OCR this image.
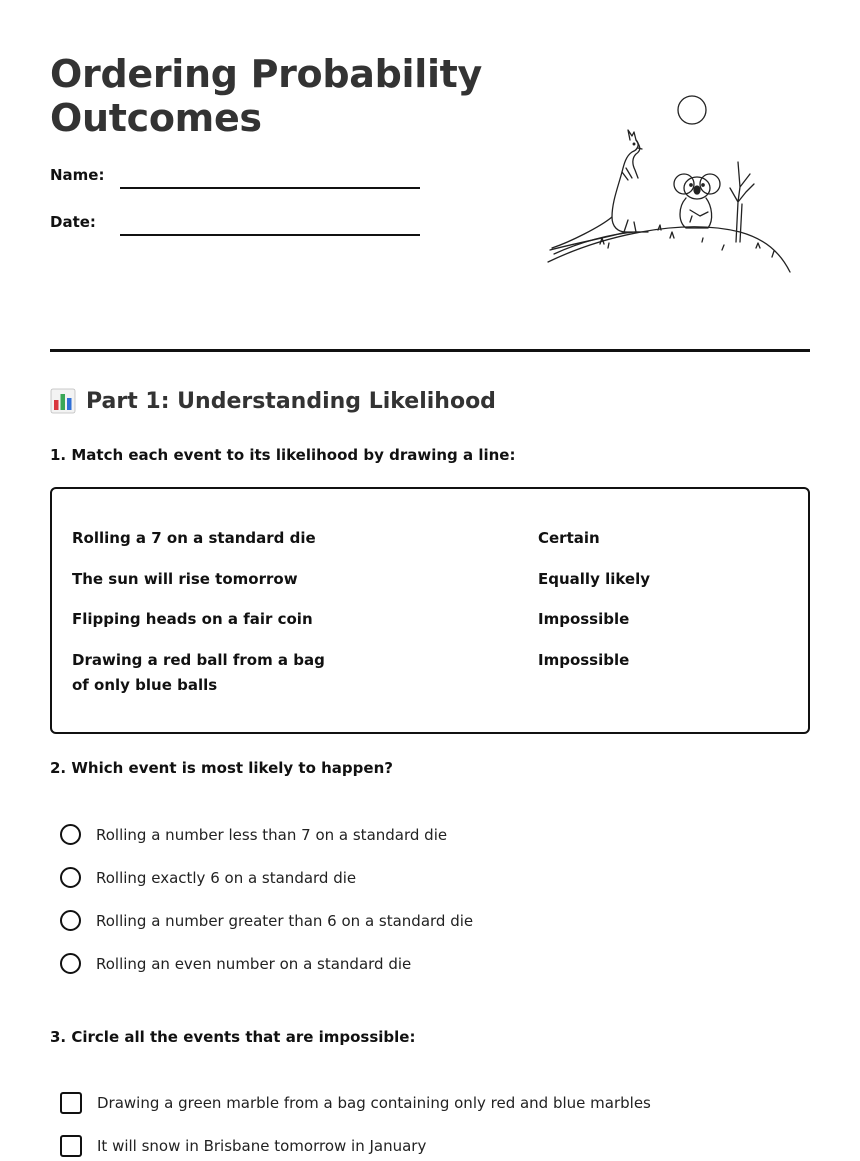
Ordering Probability
Outcomes
Name:
Date:
Part 1: Understanding Likelihood
1. Match each event to its likelihood by drawing a line:
Rolling a 7 on a standard die
The sun will rise tomorrow
Flipping heads on a fair coin
Drawing a red ball from a bag of only blue balls
Certain
Equally likely
Impossible
Impossible
2. Which event is most likely to happen?
Rolling a number less than 7 on a standard die
Rolling exactly 6 on a standard die
Rolling a number greater than 6 on a standard die
Rolling an even number on a standard die
3. Circle all the events that are impossible:
Drawing a green marble from a bag containing only red and blue marbles
It will snow in Brisbane tomorrow in January
